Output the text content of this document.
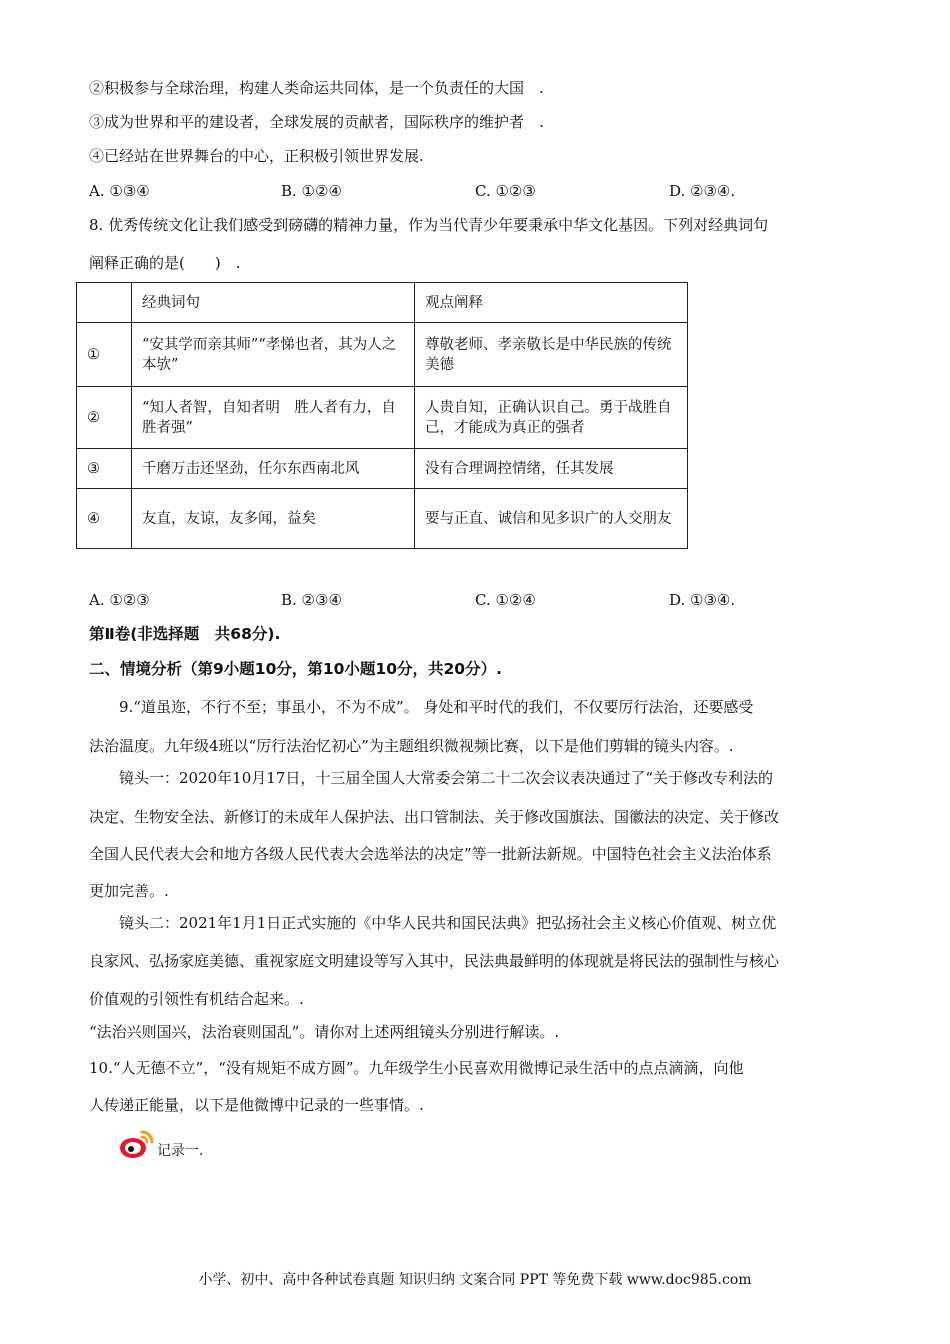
②积极参与全球治理，构建人类命运共同体，是一个负责任的大国　.
③成为世界和平的建设者，全球发展的贡献者，国际秩序的维护者　.
④已经站在世界舞台的中心，正积极引领世界发展.
A. ①③④	B. ①②④	C. ①②③	D. ②③④.
8. 优秀传统文化让我们感受到磅礴的精神力量，作为当代青少年要秉承中华文化基因。下列对经典词句
阐释正确的是(　　)　.
	经典词句	观点阐释
①	“安其学而亲其师”“孝悌也者，其为人之本欤”	尊敬老师、孝亲敬长是中华民族的传统美德
②	“知人者智，自知者明　胜人者有力，自胜者强”	人贵自知，正确认识自己。勇于战胜自己，才能成为真正的强者
③	千磨万击还坚劲，任尔东西南北风	没有合理调控情绪，任其发展
④	友直，友谅，友多闻，益矣	要与正直、诚信和见多识广的人交朋友
A. ①②③	B. ②③④	C. ①②④	D. ①③④.
第Ⅱ卷(非选择题　共68分).
二、情境分析（第9小题10分，第10小题10分，共20分）.
9.“道虽迩，不行不至；事虽小，不为不成”。 身处和平时代的我们，不仅要厉行法治，还要感受
法治温度。九年级4班以“厉行法治忆初心”为主题组织微视频比赛，以下是他们剪辑的镜头内容。.
镜头一：2020年10月17日，十三届全国人大常委会第二十二次会议表决通过了“关于修改专利法的
决定、生物安全法、新修订的未成年人保护法、出口管制法、关于修改国旗法、国徽法的决定、关于修改
全国人民代表大会和地方各级人民代表大会选举法的决定”等一批新法新规。中国特色社会主义法治体系
更加完善。.
镜头二：2021年1月1日正式实施的《中华人民共和国民法典》把弘扬社会主义核心价值观、树立优
良家风、弘扬家庭美德、重视家庭文明建设等写入其中，民法典最鲜明的体现就是将民法的强制性与核心
价值观的引领性有机结合起来。.
“法治兴则国兴，法治衰则国乱”。请你对上述两组镜头分别进行解读。.
10.“人无德不立”，“没有规矩不成方圆”。九年级学生小民喜欢用微博记录生活中的点点滴滴，向他
人传递正能量，以下是他微博中记录的一些事情。.
记录一.
小学、初中、高中各种试卷真题 知识归纳 文案合同 PPT 等免费下载 www.doc985.com
